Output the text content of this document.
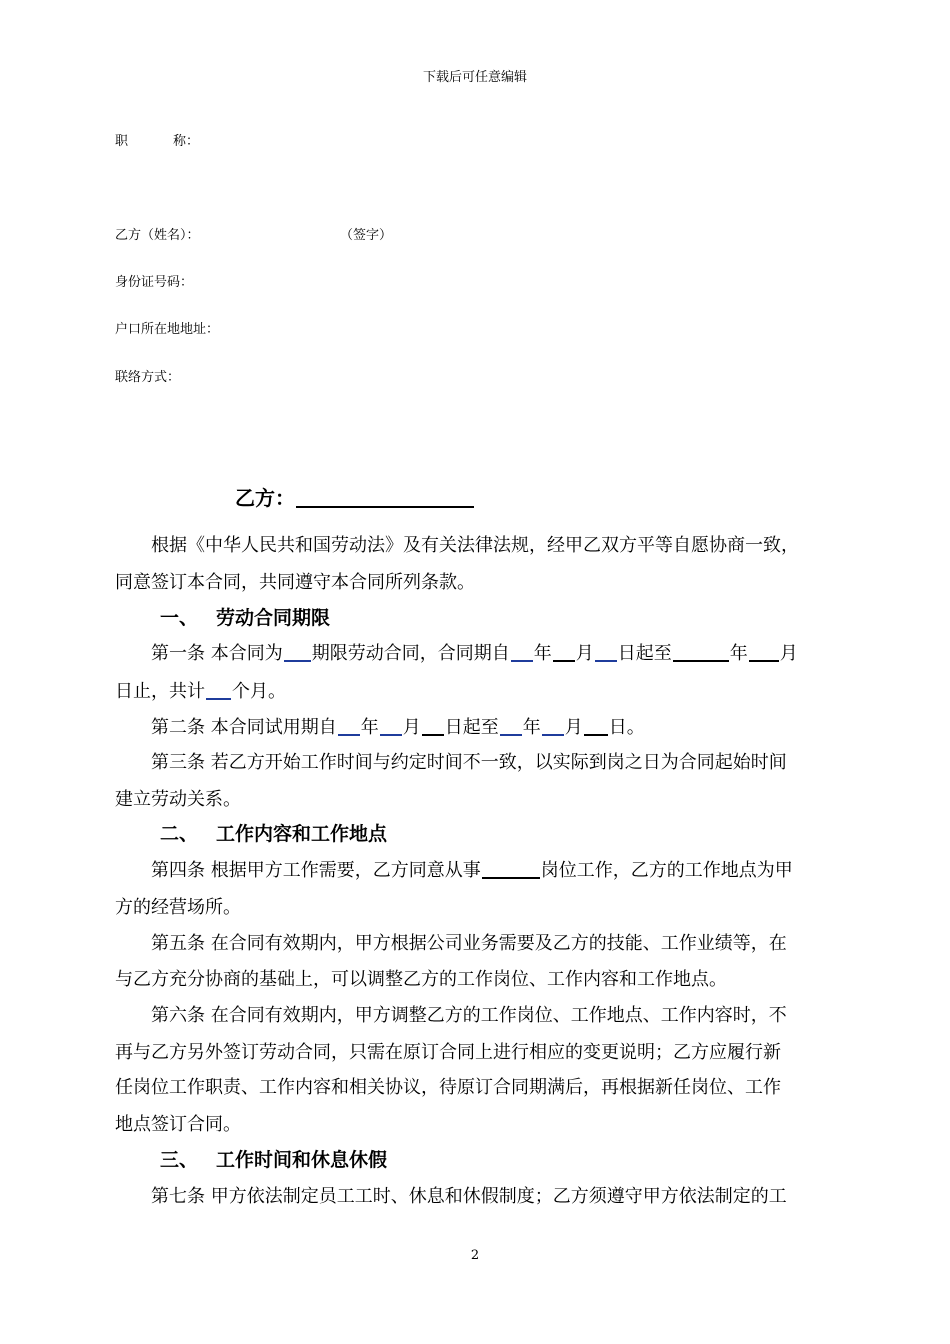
下载后可任意编辑
职	称：
乙方（姓名）：	（签字）
身份证号码：
户口所在地地址：
联络方式：
乙方：
根据《中华人民共和国劳动法》及有关法律法规，经甲乙双方平等自愿协商一致，
同意签订本合同，共同遵守本合同所列条款。
一、 劳动合同期限
第一条 本合同为 期限劳动合同，合同期自 年 月 日起至	年 月
日止，共计 个月。
第二条 本合同试用期自 年 月 日起至 年 月 日。
第三条 若乙方开始工作时间与约定时间不一致，以实际到岗之日为合同起始时间
建立劳动关系。
二、 工作内容和工作地点
第四条 根据甲方工作需要，乙方同意从事	岗位工作，乙方的工作地点为甲
方的经营场所。
第五条 在合同有效期内，甲方根据公司业务需要及乙方的技能、工作业绩等，在
与乙方充分协商的基础上，可以调整乙方的工作岗位、工作内容和工作地点。
第六条 在合同有效期内，甲方调整乙方的工作岗位、工作地点、工作内容时，不
再与乙方另外签订劳动合同，只需在原订合同上进行相应的变更说明；乙方应履行新
任岗位工作职责、工作内容和相关协议，待原订合同期满后，再根据新任岗位、工作
地点签订合同。
三、 工作时间和休息休假
第七条 甲方依法制定员工工时、休息和休假制度；乙方须遵守甲方依法制定的工
2
